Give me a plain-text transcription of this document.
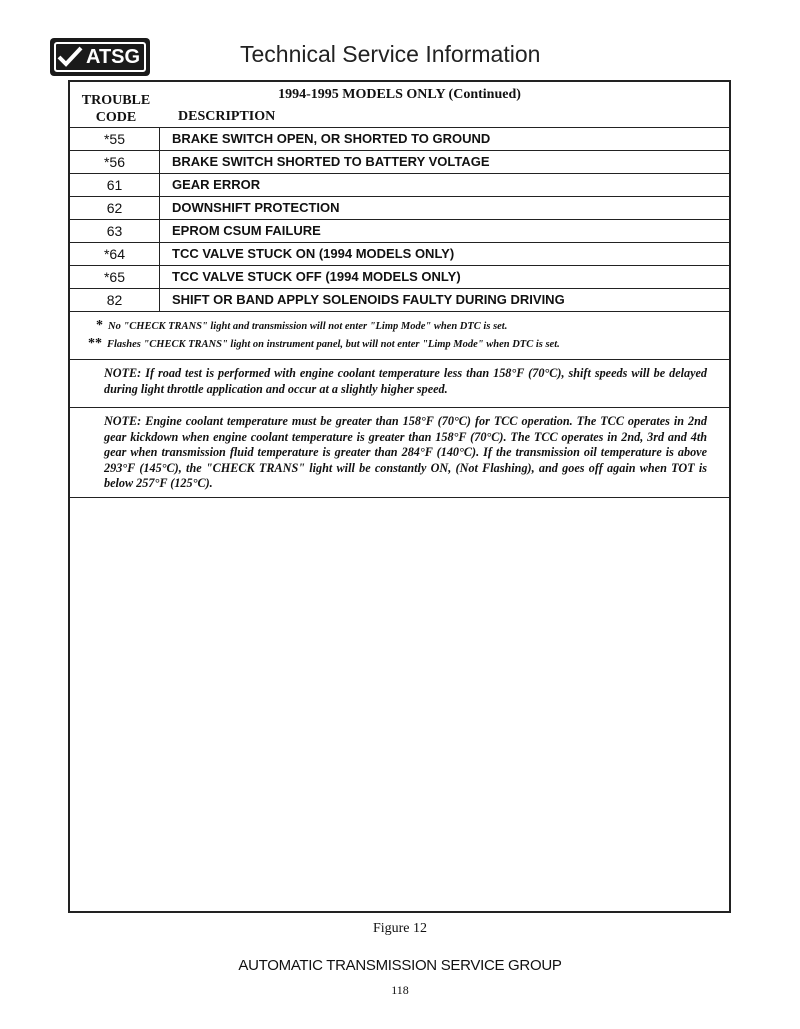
ATSG	Technical Service Information
1994-1995 MODELS ONLY (Continued)
TROUBLE
CODE	DESCRIPTION
*55	BRAKE SWITCH OPEN, OR SHORTED TO GROUND
*56	BRAKE SWITCH SHORTED TO BATTERY VOLTAGE
61	GEAR ERROR
62	DOWNSHIFT PROTECTION
63	EPROM CSUM FAILURE
*64	TCC VALVE STUCK ON (1994 MODELS ONLY)
*65	TCC VALVE STUCK OFF (1994 MODELS ONLY)
82	SHIFT OR BAND APPLY SOLENOIDS FAULTY DURING DRIVING
* No "CHECK TRANS" light and transmission will not enter "Limp Mode" when DTC is set.
** Flashes "CHECK TRANS" light on instrument panel, but will not enter "Limp Mode" when DTC is set.
NOTE: If road test is performed with engine coolant temperature less than 158°F (70°C), shift speeds will be delayed during light throttle application and occur at a slightly higher speed.
NOTE: Engine coolant temperature must be greater than 158°F (70°C) for TCC operation. The TCC operates in 2nd gear kickdown when engine coolant temperature is greater than 158°F (70°C). The TCC operates in 2nd, 3rd and 4th gear when transmission fluid temperature is greater than 284°F (140°C). If the transmission oil temperature is above 293°F (145°C), the "CHECK TRANS" light will be constantly ON, (Not Flashing), and goes off again when TOT is below 257°F (125°C).
Figure 12
AUTOMATIC TRANSMISSION SERVICE GROUP
118
